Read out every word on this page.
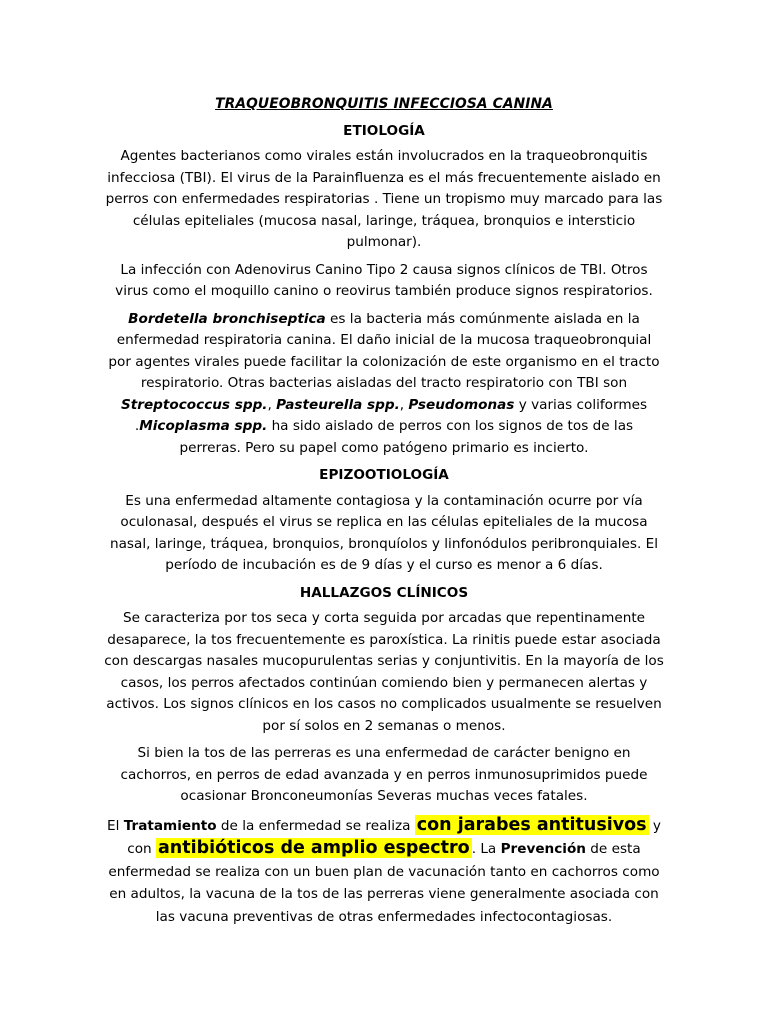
TRAQUEOBRONQUITIS INFECCIOSA CANINA
ETIOLOGÍA

Agentes bacterianos como virales están involucrados en la traqueobronquitis infecciosa (TBI). El virus de la Parainfluenza es el más frecuentemente aislado en perros con enfermedades respiratorias . Tiene un tropismo muy marcado para las células epiteliales (mucosa nasal, laringe, tráquea, bronquios e intersticio pulmonar).

La infección con Adenovirus Canino Tipo 2 causa signos clínicos de TBI. Otros virus como el moquillo canino o reovirus también produce signos respiratorios.

Bordetella bronchiseptica es la bacteria más comúnmente aislada en la enfermedad respiratoria canina. El daño inicial de la mucosa traqueobronquial por agentes virales puede facilitar la colonización de este organismo en el tracto respiratorio. Otras bacterias aisladas del tracto respiratorio con TBI son Streptococcus spp., Pasteurella spp., Pseudomonas y varias coliformes .Micoplasma spp. ha sido aislado de perros con los signos de tos de las perreras. Pero su papel como patógeno primario es incierto.

EPIZOOTIOLOGÍA

Es una enfermedad altamente contagiosa y la contaminación ocurre por vía oculonasal, después el virus se replica en las células epiteliales de la mucosa nasal, laringe, tráquea, bronquios, bronquíolos y linfonódulos peribronquiales. El período de incubación es de 9 días y el curso es menor a 6 días.

HALLAZGOS CLÍNICOS

Se caracteriza por tos seca y corta seguida por arcadas que repentinamente desaparece, la tos frecuentemente es paroxística. La rinitis puede estar asociada con descargas nasales mucopurulentas serias y conjuntivitis. En la mayoría de los casos, los perros afectados continúan comiendo bien y permanecen alertas y activos. Los signos clínicos en los casos no complicados usualmente se resuelven por sí solos en 2 semanas o menos.

Si bien la tos de las perreras es una enfermedad de carácter benigno en cachorros, en perros de edad avanzada y en perros inmunosuprimidos puede ocasionar Bronconeumonías Severas muchas veces fatales.

El Tratamiento de la enfermedad se realiza con jarabes antitusivos y con antibióticos de amplio espectro . La Prevención de esta enfermedad se realiza con un buen plan de vacunación tanto en cachorros como en adultos, la vacuna de la tos de las perreras viene generalmente asociada con las vacuna preventivas de otras enfermedades infectocontagiosas.
